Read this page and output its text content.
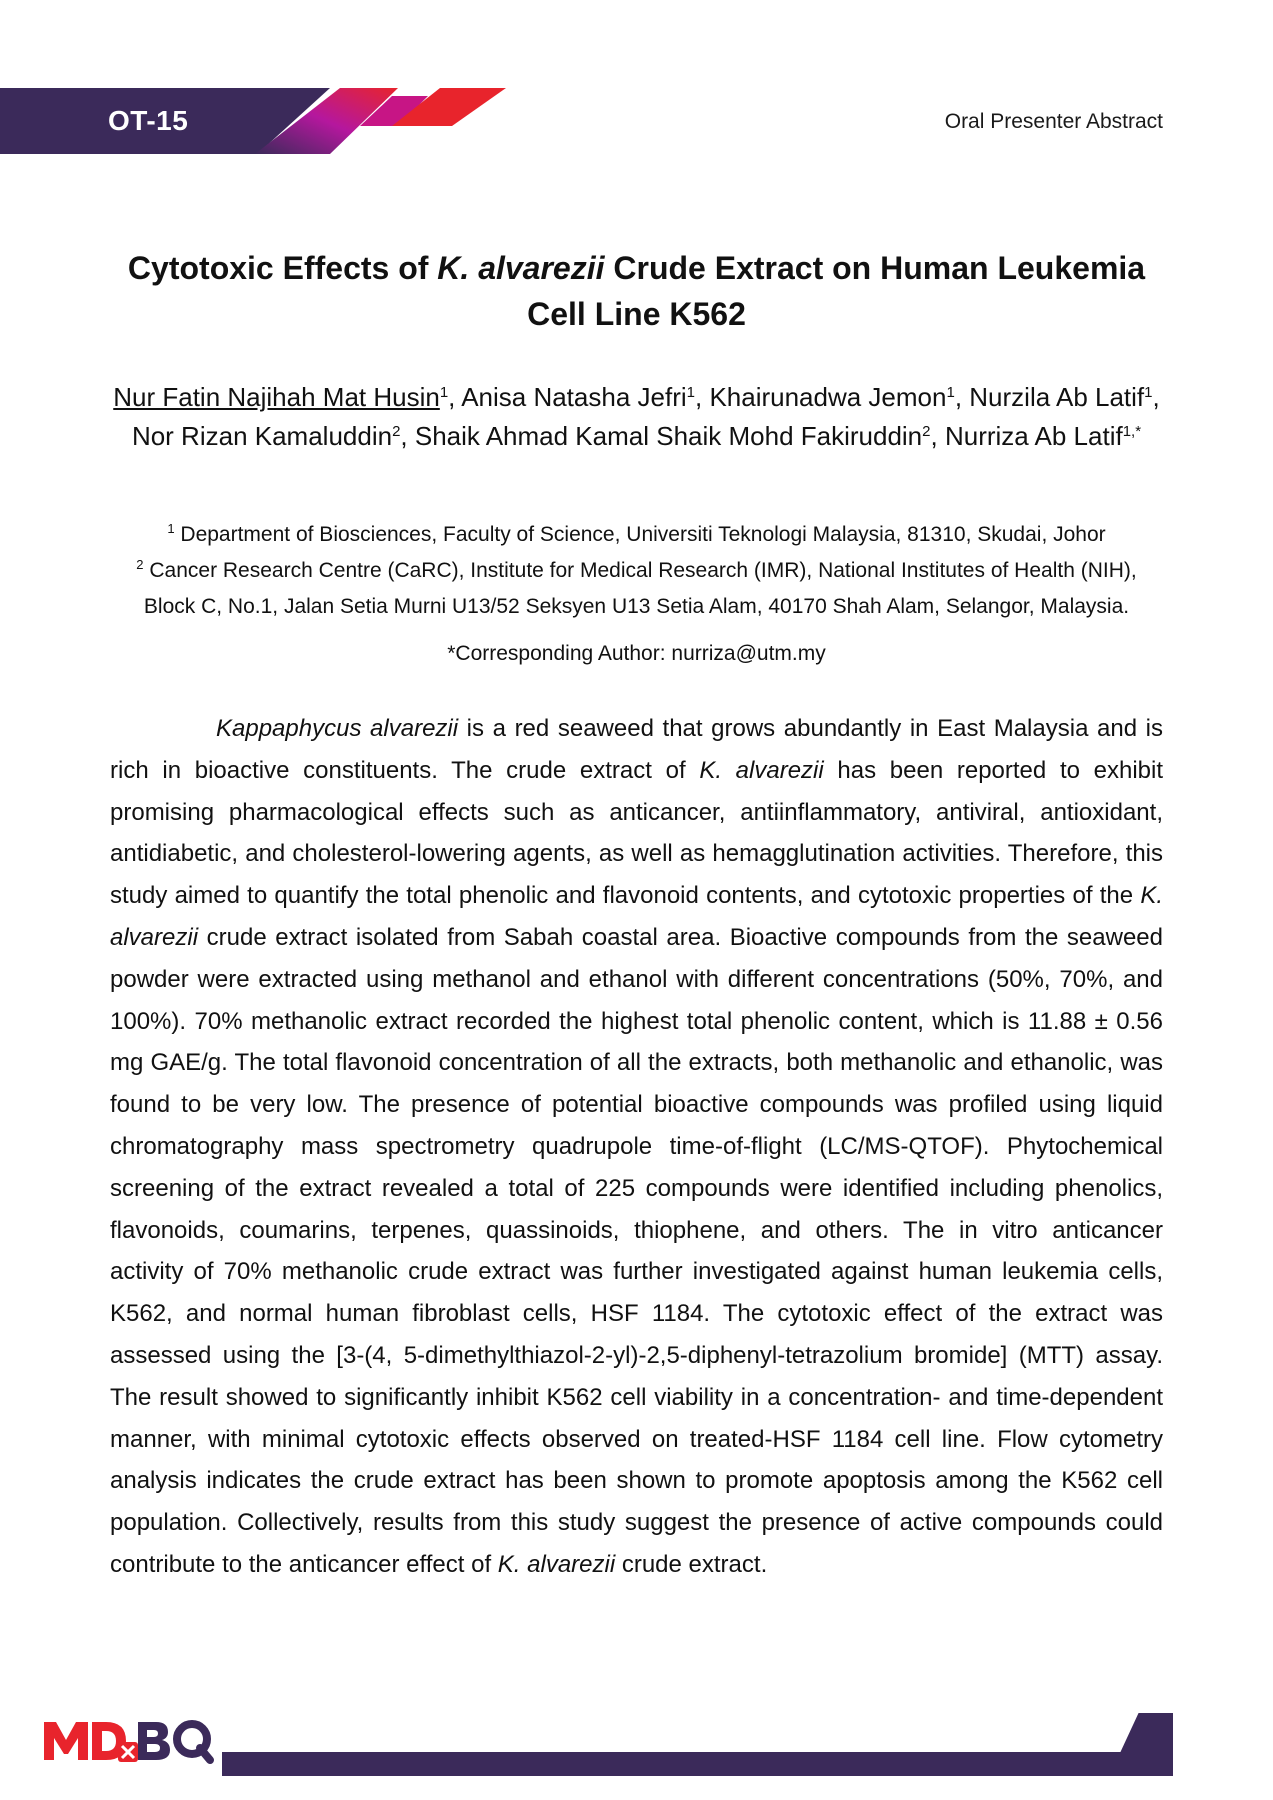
OT-15	Oral Presenter Abstract
Cytotoxic Effects of K. alvarezii Crude Extract on Human Leukemia
Cell Line K562
Nur Fatin Najihah Mat Husin$^1$, Anisa Natasha Jefri$^1$, Khairunadwa Jemon$^1$, Nurzila Ab Latif$^1$, Nor Rizan Kamaluddin$^2$, Shaik Ahmad Kamal Shaik Mohd Fakiruddin$^2$, Nurriza Ab Latif$^{1,*}$
$^1$ Department of Biosciences, Faculty of Science, Universiti Teknologi Malaysia, 81310, Skudai, Johor
$^2$ Cancer Research Centre (CaRC), Institute for Medical Research (IMR), National Institutes of Health (NIH), Block C, No.1, Jalan Setia Murni U13/52 Seksyen U13 Setia Alam, 40170 Shah Alam, Selangor, Malaysia.
*Corresponding Author: nurriza@utm.my
Kappaphycus alvarezii is a red seaweed that grows abundantly in East Malaysia and is rich in bioactive constituents. The crude extract of K. alvarezii has been reported to exhibit promising pharmacological effects such as anticancer, antiinflammatory, antiviral, antioxidant, antidiabetic, and cholesterol-lowering agents, as well as hemagglutination activities. Therefore, this study aimed to quantify the total phenolic and flavonoid contents, and cytotoxic properties of the K. alvarezii crude extract isolated from Sabah coastal area. Bioactive compounds from the seaweed powder were extracted using methanol and ethanol with different concentrations (50%, 70%, and 100%). 70% methanolic extract recorded the highest total phenolic content, which is 11.88 ± 0.56 mg GAE/g. The total flavonoid concentration of all the extracts, both methanolic and ethanolic, was found to be very low. The presence of potential bioactive compounds was profiled using liquid chromatography mass spectrometry quadrupole time-of-flight (LC/MS-QTOF). Phytochemical screening of the extract revealed a total of 225 compounds were identified including phenolics, flavonoids, coumarins, terpenes, quassinoids, thiophene, and others. The in vitro anticancer activity of 70% methanolic crude extract was further investigated against human leukemia cells, K562, and normal human fibroblast cells, HSF 1184. The cytotoxic effect of the extract was assessed using the [3-(4, 5-dimethylthiazol-2-yl)-2,5-diphenyl-tetrazolium bromide] (MTT) assay. The result showed to significantly inhibit K562 cell viability in a concentration- and time-dependent manner, with minimal cytotoxic effects observed on treated-HSF 1184 cell line. Flow cytometry analysis indicates the crude extract has been shown to promote apoptosis among the K562 cell population. Collectively, results from this study suggest the presence of active compounds could contribute to the anticancer effect of K. alvarezii crude extract.
MDxBIO
